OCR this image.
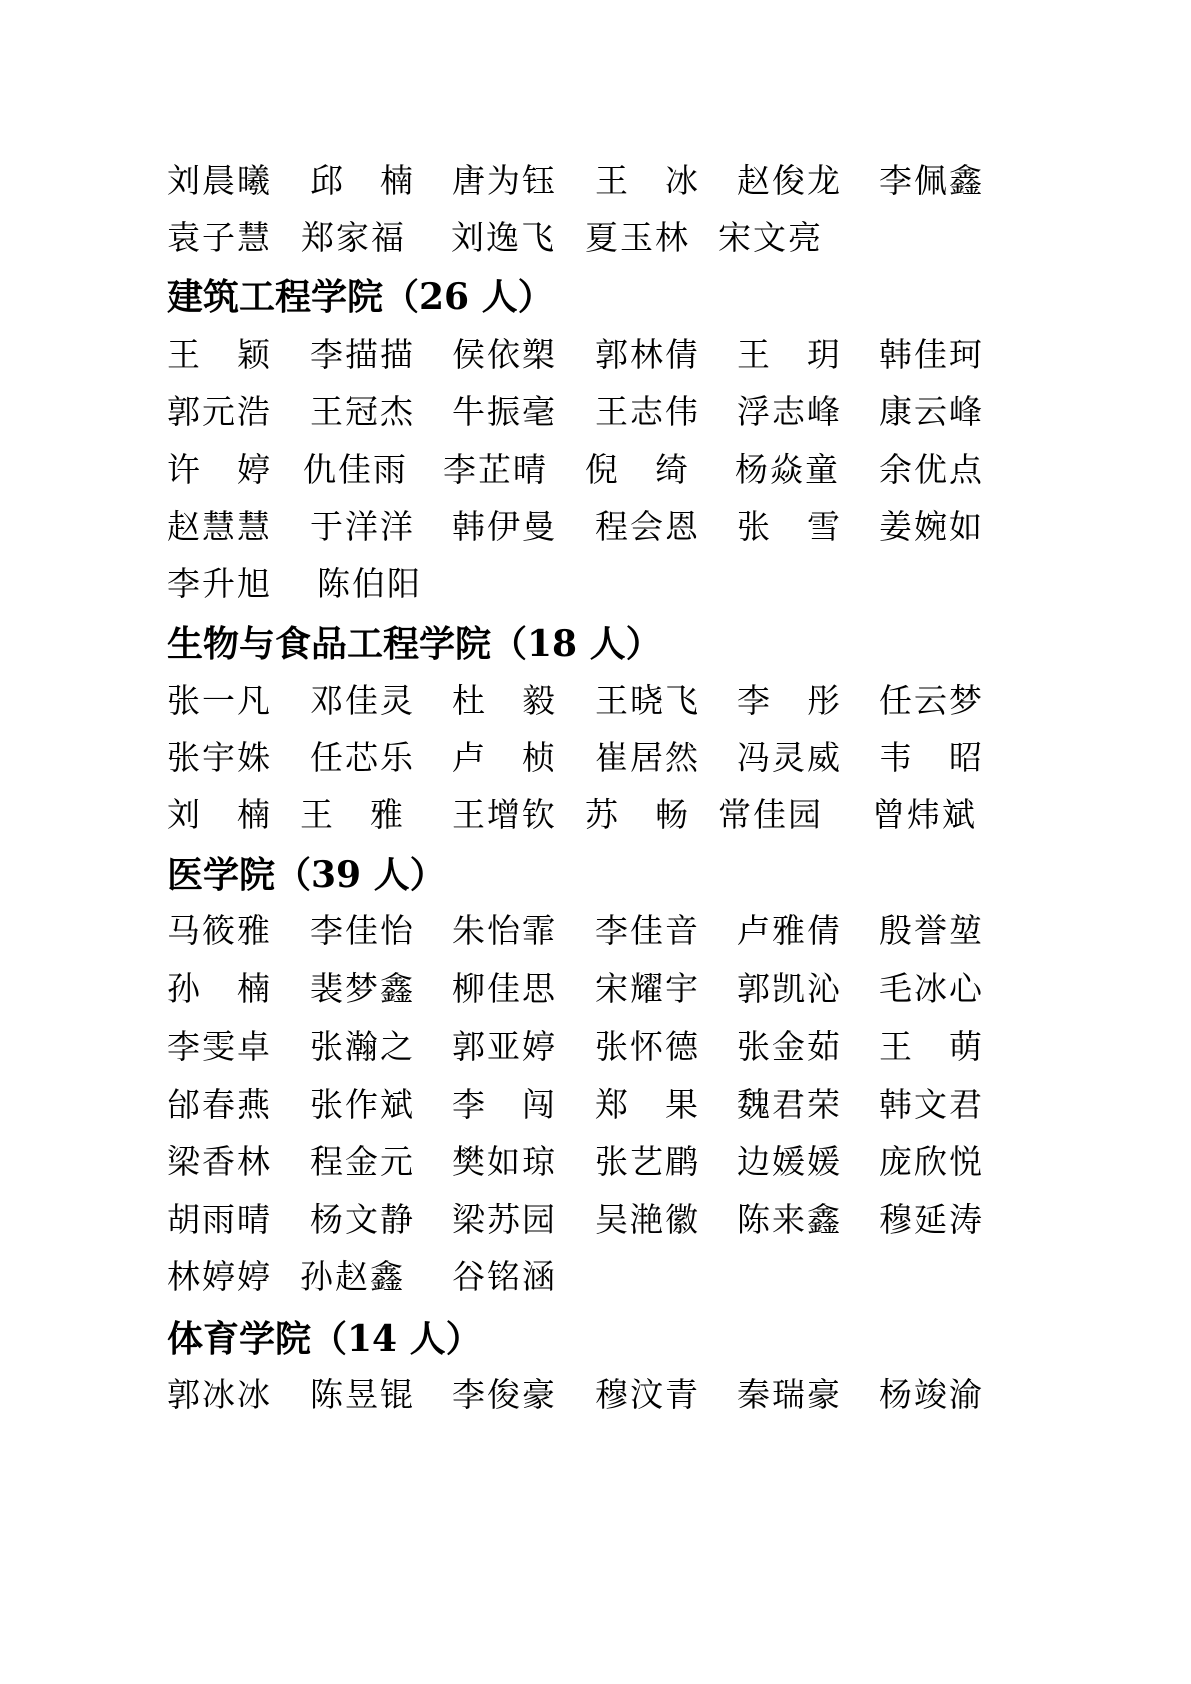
刘晨曦 邱　楠 唐为钰 王　冰 赵俊龙 李佩鑫
袁子慧 郑家福 刘逸飞 夏玉林 宋文亮
建筑工程学院（26 人）
王　颖 李描描 侯依槊 郭林倩 王　玥 韩佳珂
郭元浩 王冠杰 牛振毫 王志伟 浮志峰 康云峰
许　婷 仇佳雨 李芷晴 倪　绮 杨焱童 余优点
赵慧慧 于洋洋 韩伊曼 程会恩 张　雪 姜婉如
李升旭 陈伯阳
生物与食品工程学院（18 人）
张一凡 邓佳灵 杜　毅 王晓飞 李　彤 任云梦
张宇姝 任芯乐 卢　桢 崔居然 冯灵威 韦　昭
刘　楠 王　雅 王增钦 苏　畅 常佳园 曾炜斌
医学院（39 人）
马筱雅 李佳怡 朱怡霏 李佳音 卢雅倩 殷誉堃
孙　楠 裴梦鑫 柳佳思 宋耀宇 郭凯沁 毛冰心
李雯卓 张瀚之 郭亚婷 张怀德 张金茹 王　萌
邰春燕 张作斌 李　闯 郑　果 魏君荣 韩文君
梁香林 程金元 樊如琼 张艺鹛 边媛媛 庞欣悦
胡雨晴 杨文静 梁苏园 吴滟徽 陈来鑫 穆延涛
林婷婷 孙赵鑫 谷铭涵
体育学院（14 人）
郭冰冰 陈昱锟 李俊豪 穆汶青 秦瑞豪 杨竣渝
